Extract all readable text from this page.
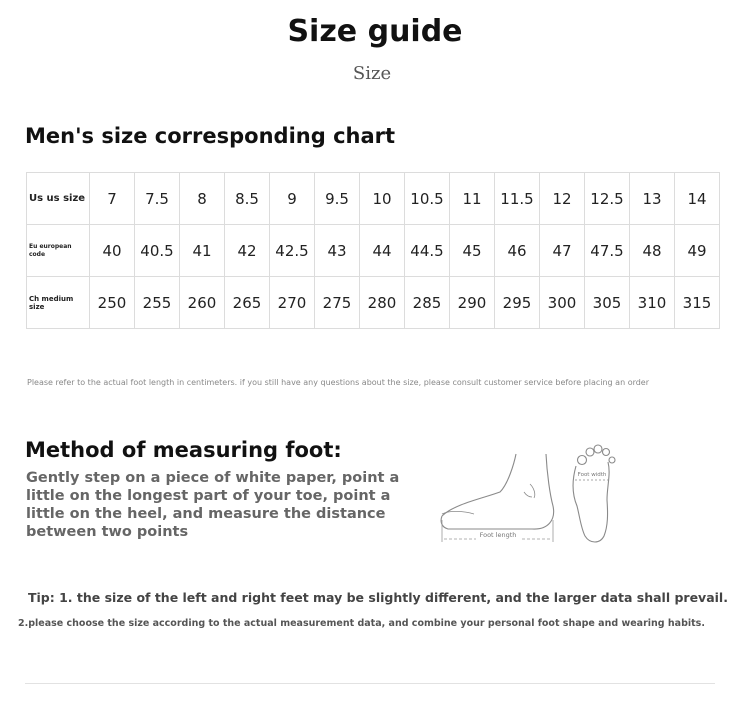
Size guide
Size
Men's size corresponding chart
Us us size	7	7.5	8	8.5	9	9.5	10	10.5	11	11.5	12	12.5	13	14
Eu european code	40	40.5	41	42	42.5	43	44	44.5	45	46	47	47.5	48	49
Ch medium size	250	255	260	265	270	275	280	285	290	295	300	305	310	315
Please refer to the actual foot length in centimeters. if you still have any questions about the size, please consult customer service before placing an order
Method of measuring foot:
Gently step on a piece of white paper, point a little on the longest part of your toe, point a little on the heel, and measure the distance between two points	Foot length
Foot width
Tip: 1. the size of the left and right feet may be slightly different, and the larger data shall prevail.
2.please choose the size according to the actual measurement data, and combine your personal foot shape and wearing habits.
